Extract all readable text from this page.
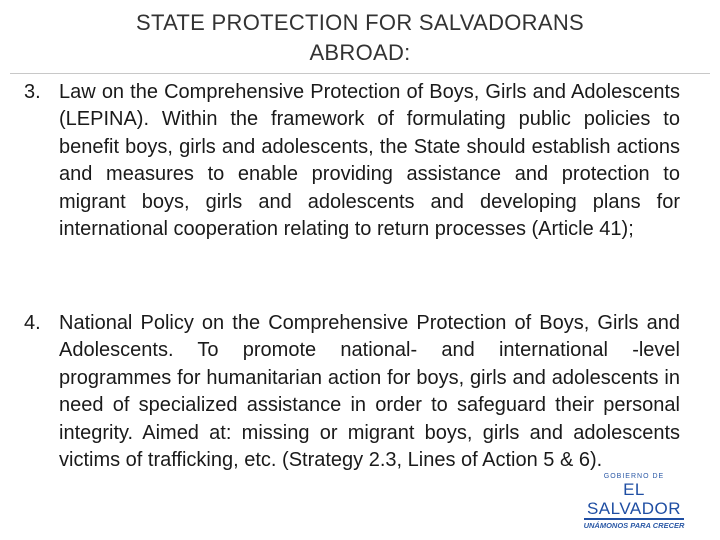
STATE PROTECTION FOR SALVADORANS
ABROAD:
3. Law on the Comprehensive Protection of Boys, Girls and Adolescents (LEPINA). Within the framework of formulating public policies to benefit boys, girls and adolescents, the State should establish actions and measures to enable providing assistance and protection to migrant boys, girls and adolescents and developing plans for international cooperation relating to return processes (Article 41);
4. National Policy on the Comprehensive Protection of Boys, Girls and Adolescents. To promote national- and international -level programmes for humanitarian action for boys, girls and adolescents in need of specialized assistance in order to safeguard their personal integrity. Aimed at: missing or migrant boys, girls and adolescents victims of trafficking, etc. (Strategy 2.3, Lines of Action 5 & 6).
GOBIERNO DE
EL SALVADOR
UNÁMONOS PARA CRECER
